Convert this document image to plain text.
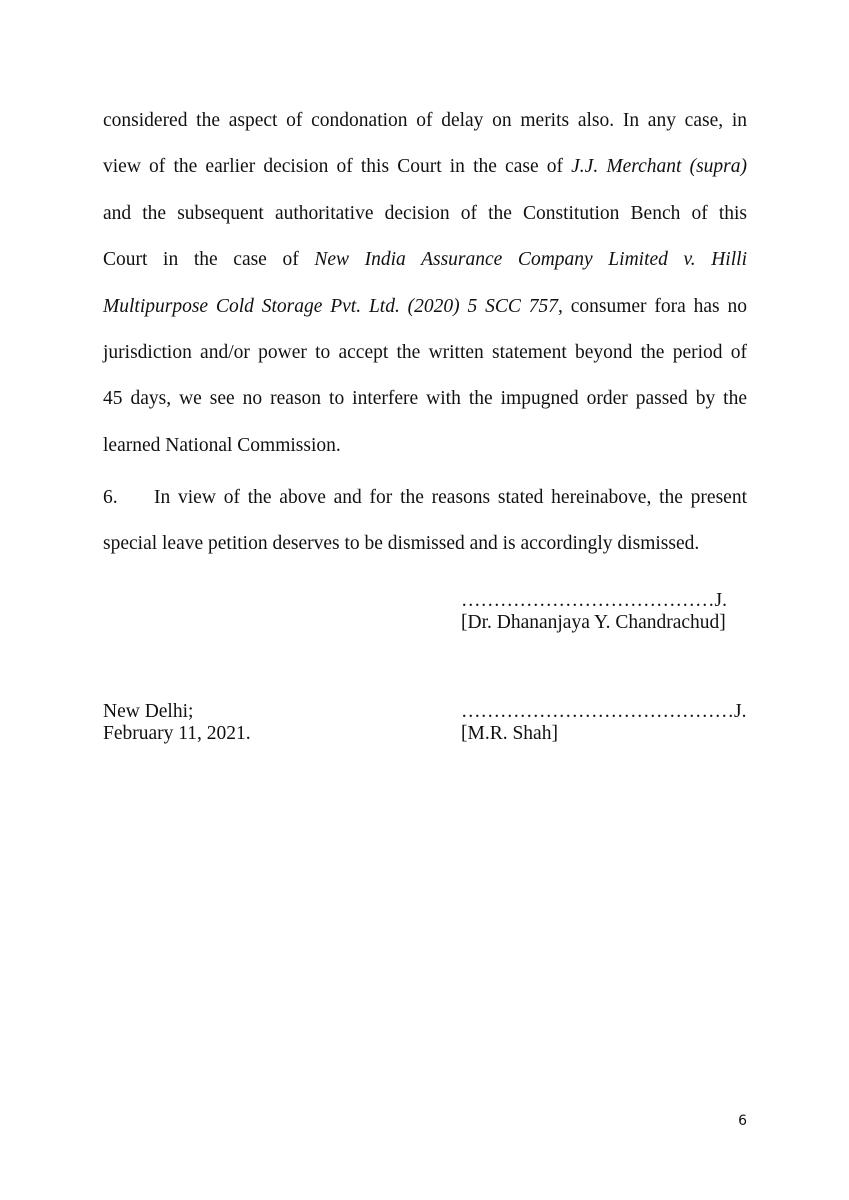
considered the aspect of condonation of delay on merits also. In any case, in
view of the earlier decision of this Court in the case of J.J. Merchant (supra)
and the subsequent authoritative decision of the Constitution Bench of this
Court in the case of New India Assurance Company Limited v. Hilli
Multipurpose Cold Storage Pvt. Ltd. (2020) 5 SCC 757, consumer fora has no
jurisdiction and/or power to accept the written statement beyond the period of
45 days, we see no reason to interfere with the impugned order passed by the
learned National Commission.
6. In view of the above and for the reasons stated hereinabove, the present
special leave petition deserves to be dismissed and is accordingly dismissed.
…………………………………J.
[Dr. Dhananjaya Y. Chandrachud]
New Delhi;
February 11, 2021.
……………………………………J.
[M.R. Shah]
6
